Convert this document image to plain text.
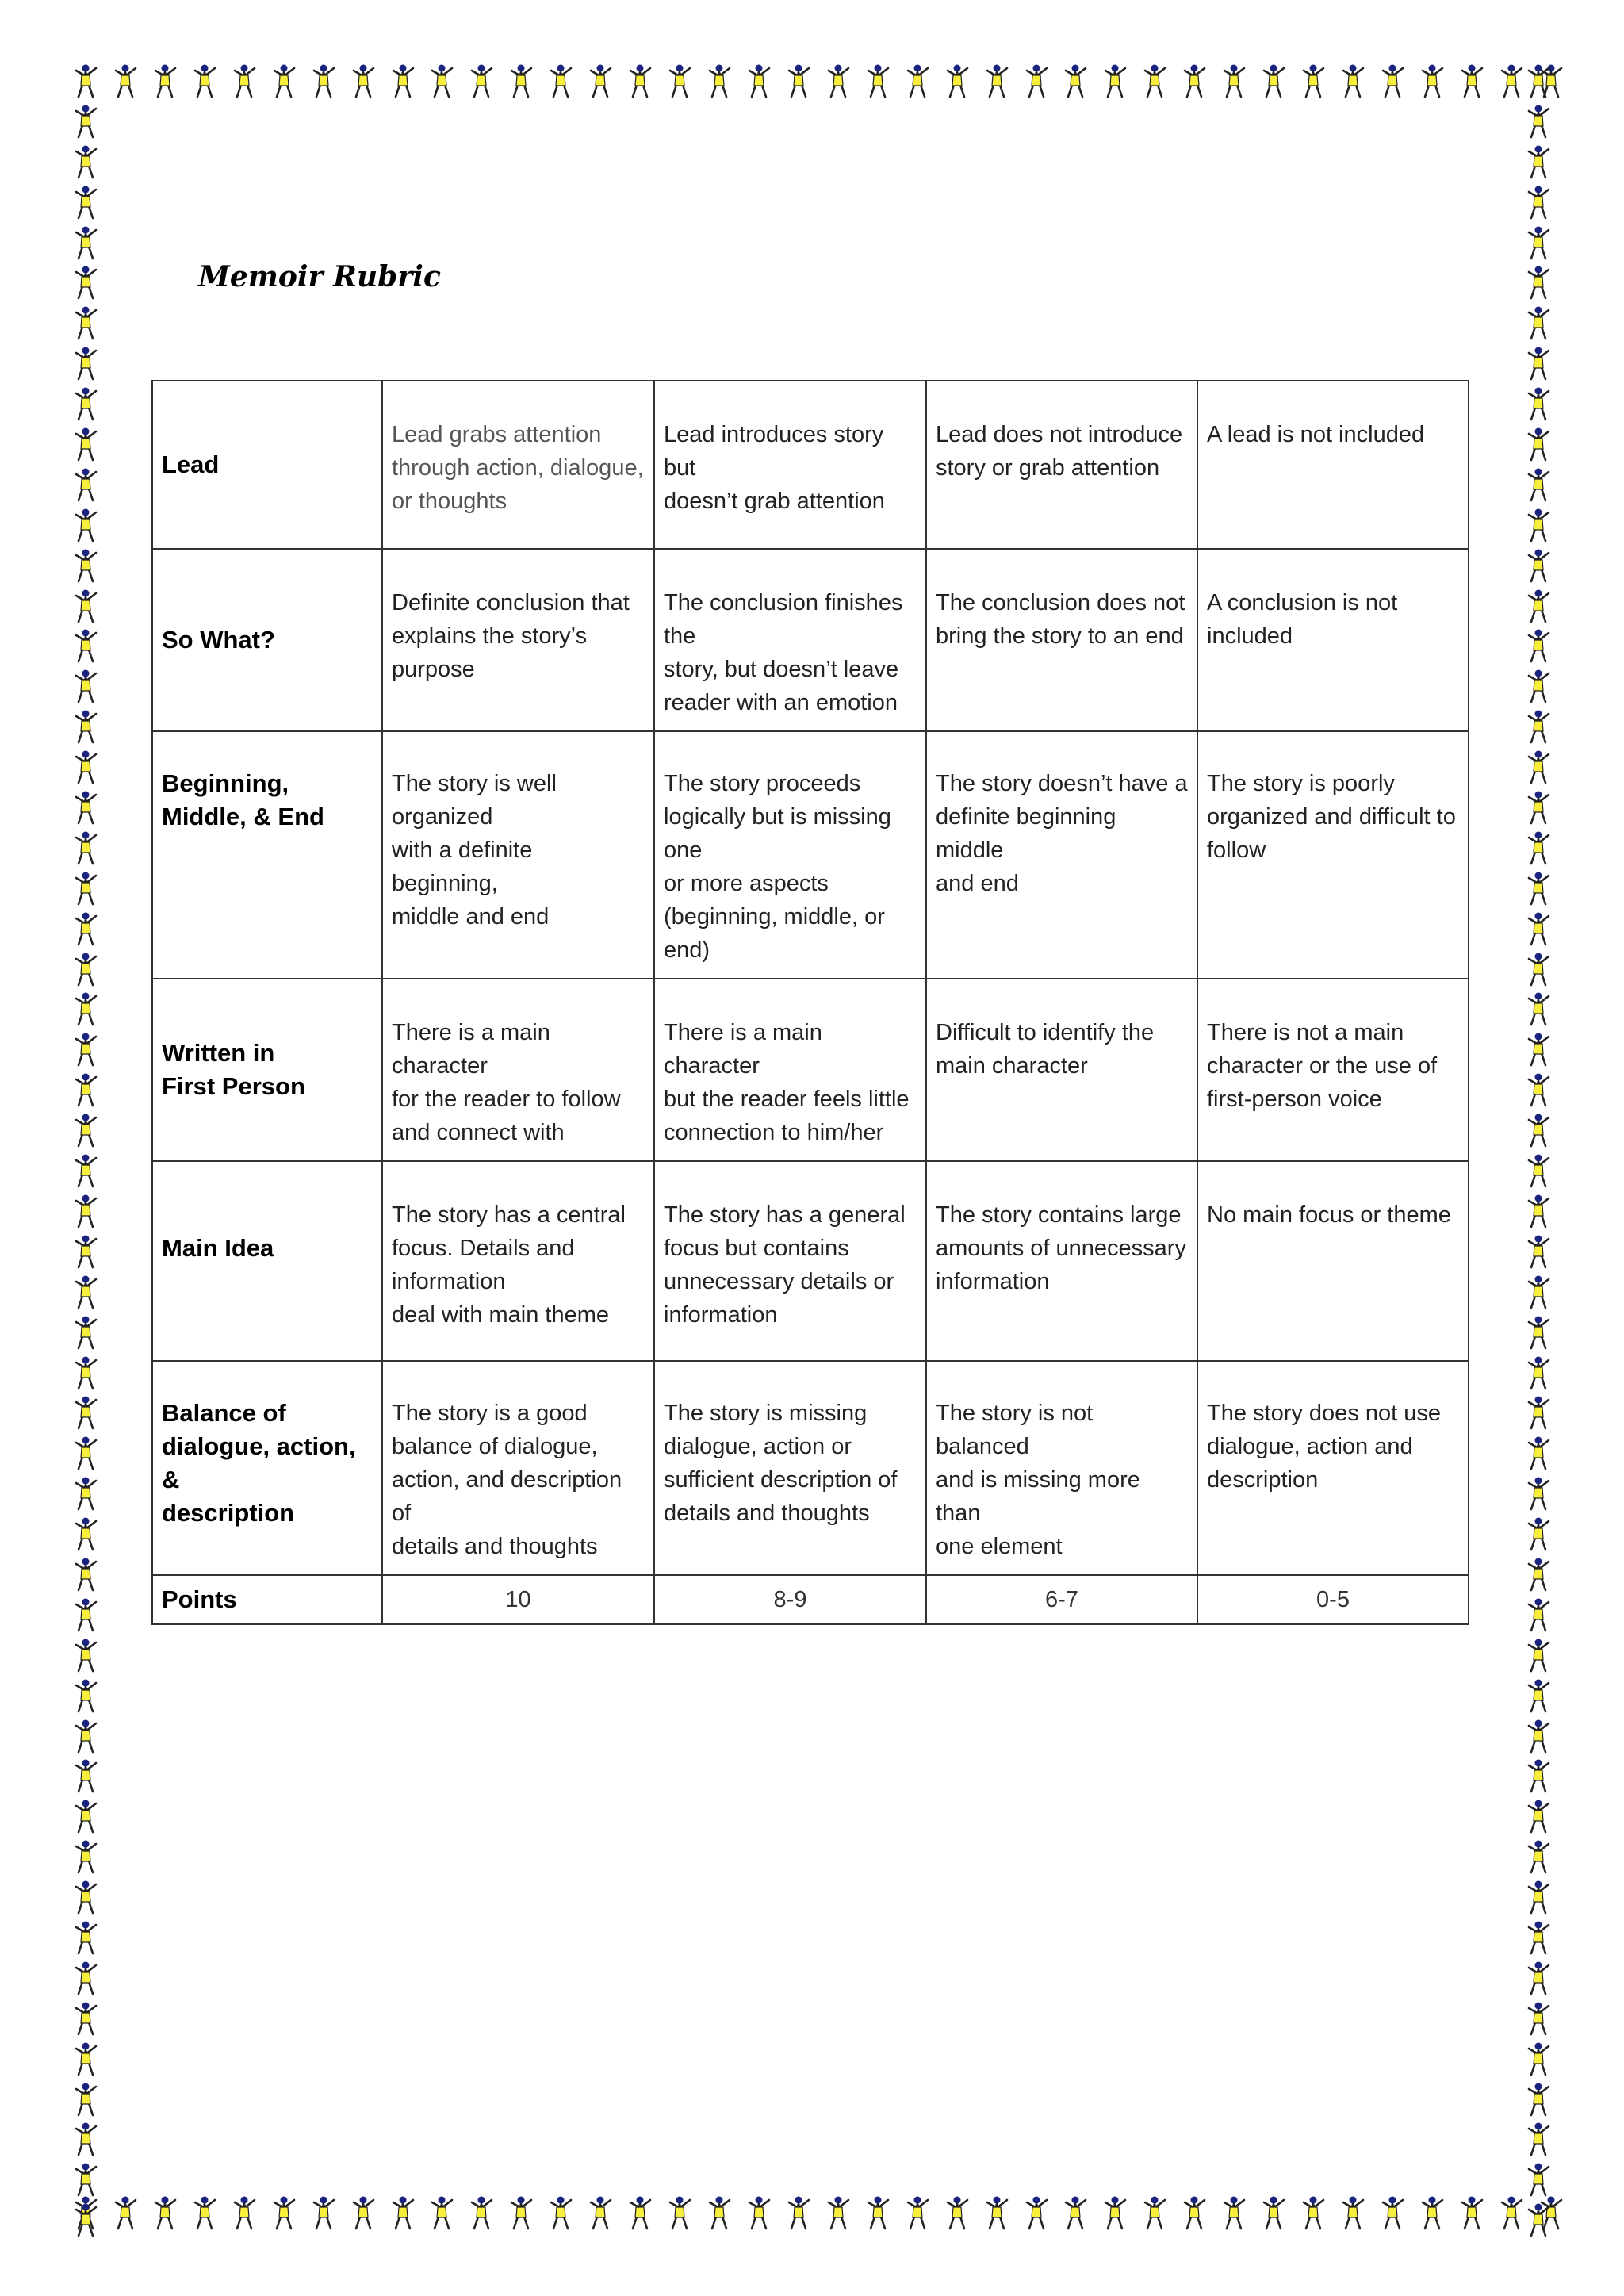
Memoir Rubric
Lead	Lead grabs attention
through action, dialogue,
or thoughts	Lead introduces story but
doesn’t grab attention	Lead does not introduce
story or grab attention	A lead is not included
So What?	Definite conclusion that
explains the story’s
purpose	The conclusion finishes the
story, but doesn’t leave
reader with an emotion	The conclusion does not
bring the story to an end	A conclusion is not
included
Beginning,
Middle, & End	The story is well organized
with a definite beginning,
middle and end	The story proceeds
logically but is missing one
or more aspects
(beginning, middle, or
end)	The story doesn’t have a
definite beginning middle
and end	The story is poorly
organized and difficult to
follow
Written in
First Person	There is a main character
for the reader to follow
and connect with	There is a main character
but the reader feels little
connection to him/her	Difficult to identify the
main character	There is not a main
character or the use of
first-person voice
Main Idea	The story has a central
focus. Details and
information
deal with main theme	The story has a general
focus but contains
unnecessary details or
information	The story contains large
amounts of unnecessary
information	No main focus or theme
Balance of
dialogue, action, &
description	The story is a good
balance of dialogue,
action, and description of
details and thoughts	The story is missing
dialogue, action or
sufficient description of
details and thoughts	The story is not balanced
and is missing more than
one element	The story does not use
dialogue, action and
description
Points	10	8-9	6-7	0-5
